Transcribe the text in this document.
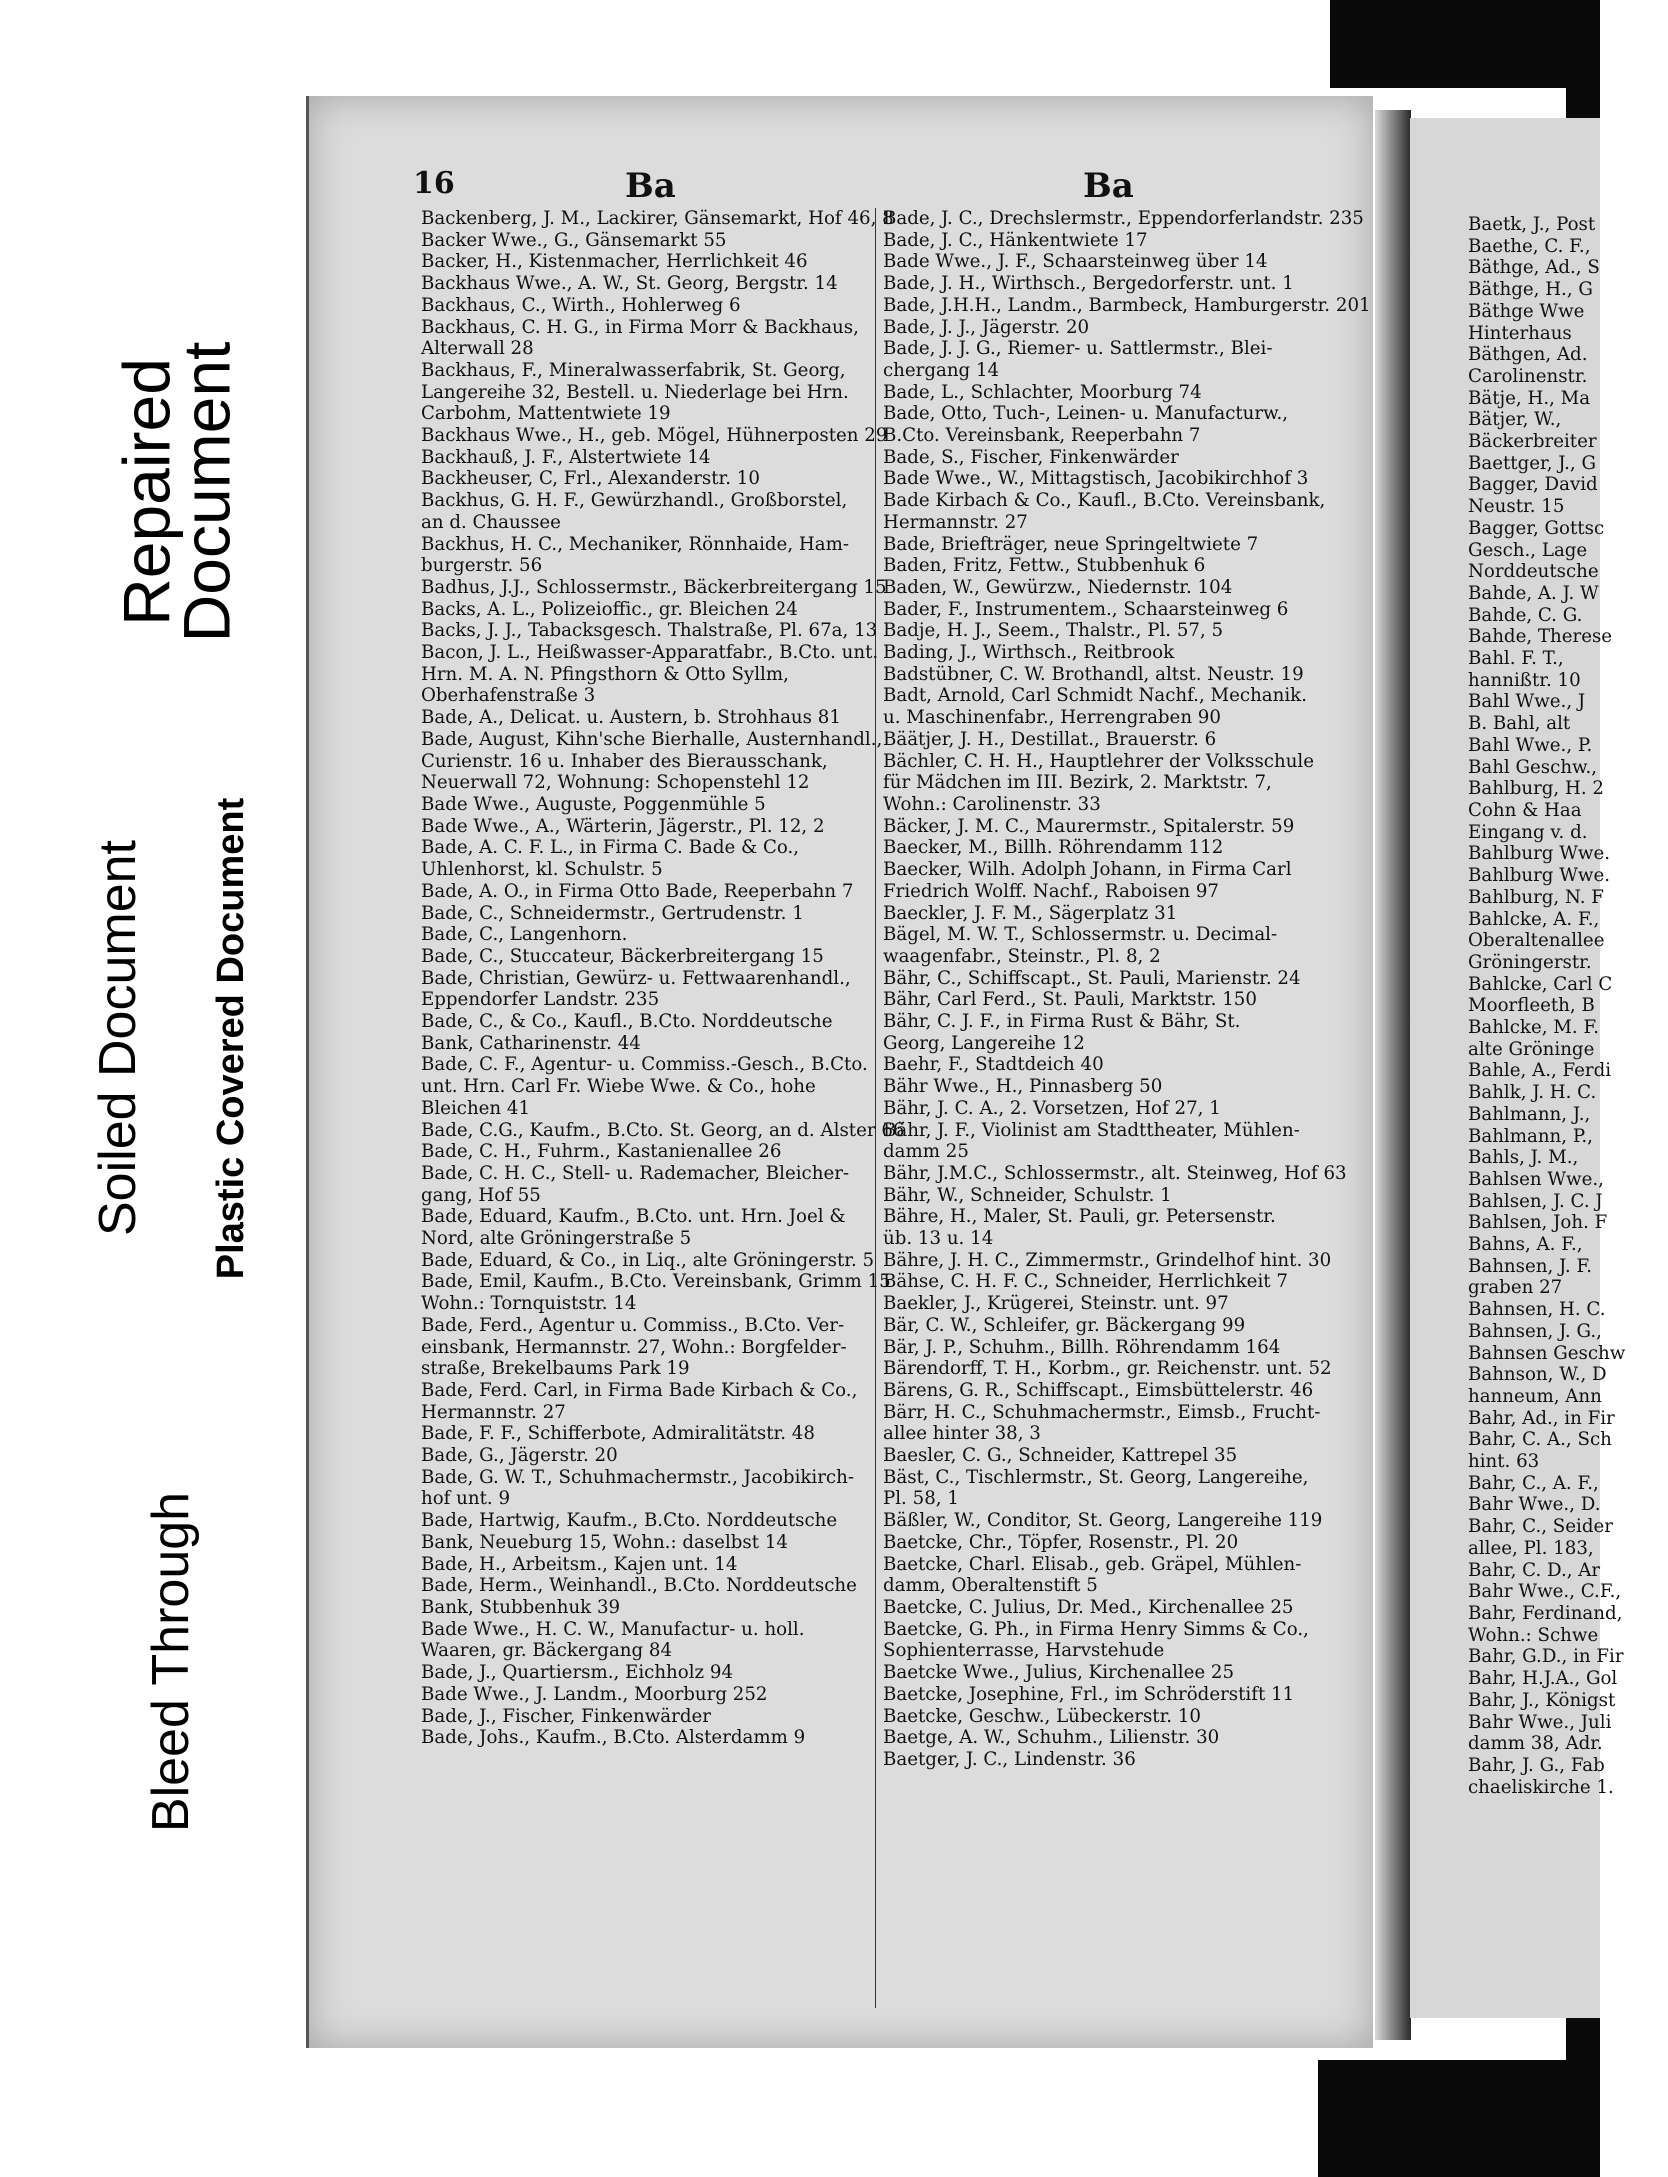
Repaired
Document
Soiled Document Plastic Covered Document
Bleed Through
16	Ba	Ba
Backenberg, J. M., Lackirer, Gänsemarkt, Hof 46, 8
Backer Wwe., G., Gänsemarkt 55
Backer, H., Kistenmacher, Herrlichkeit 46
Backhaus Wwe., A. W., St. Georg, Bergstr. 14
Backhaus, C., Wirth., Hohlerweg 6
Backhaus, C. H. G., in Firma Morr & Backhaus,
Alterwall 28
Backhaus, F., Mineralwasserfabrik, St. Georg,
Langereihe 32, Bestell. u. Niederlage bei Hrn.
Carbohm, Mattentwiete 19
Backhaus Wwe., H., geb. Mögel, Hühnerposten 29
Backhauß, J. F., Alstertwiete 14
Backheuser, C, Frl., Alexanderstr. 10
Backhus, G. H. F., Gewürzhandl., Großborstel,
an d. Chaussee
Backhus, H. C., Mechaniker, Rönnhaide, Ham-
burgerstr. 56
Badhus, J.J., Schlossermstr., Bäckerbreitergang 15
Backs, A. L., Polizeioffic., gr. Bleichen 24
Backs, J. J., Tabacksgesch. Thalstraße, Pl. 67a, 13
Bacon, J. L., Heißwasser-Apparatfabr., B.Cto. unt.
Hrn. M. A. N. Pfingsthorn & Otto Syllm,
Oberhafenstraße 3
Bade, A., Delicat. u. Austern, b. Strohhaus 81
Bade, August, Kihn'sche Bierhalle, Austernhandl.,
Curienstr. 16 u. Inhaber des Bierausschank,
Neuerwall 72, Wohnung: Schopenstehl 12
Bade Wwe., Auguste, Poggenmühle 5
Bade Wwe., A., Wärterin, Jägerstr., Pl. 12, 2
Bade, A. C. F. L., in Firma C. Bade & Co.,
Uhlenhorst, kl. Schulstr. 5
Bade, A. O., in Firma Otto Bade, Reeperbahn 7
Bade, C., Schneidermstr., Gertrudenstr. 1
Bade, C., Langenhorn.
Bade, C., Stuccateur, Bäckerbreitergang 15
Bade, Christian, Gewürz- u. Fettwaarenhandl.,
Eppendorfer Landstr. 235
Bade, C., & Co., Kaufl., B.Cto. Norddeutsche
Bank, Catharinenstr. 44
Bade, C. F., Agentur- u. Commiss.-Gesch., B.Cto.
unt. Hrn. Carl Fr. Wiebe Wwe. & Co., hohe
Bleichen 41
Bade, C.G., Kaufm., B.Cto. St. Georg, an d. Alster 66
Bade, C. H., Fuhrm., Kastanienallee 26
Bade, C. H. C., Stell- u. Rademacher, Bleicher-
gang, Hof 55
Bade, Eduard, Kaufm., B.Cto. unt. Hrn. Joel &
Nord, alte Gröningerstraße 5
Bade, Eduard, & Co., in Liq., alte Gröningerstr. 5
Bade, Emil, Kaufm., B.Cto. Vereinsbank, Grimm 15
Wohn.: Tornquiststr. 14
Bade, Ferd., Agentur u. Commiss., B.Cto. Ver-
einsbank, Hermannstr. 27, Wohn.: Borgfelder-
straße, Brekelbaums Park 19
Bade, Ferd. Carl, in Firma Bade Kirbach & Co.,
Hermannstr. 27
Bade, F. F., Schifferbote, Admiralitätstr. 48
Bade, G., Jägerstr. 20
Bade, G. W. T., Schuhmachermstr., Jacobikirch-
hof unt. 9
Bade, Hartwig, Kaufm., B.Cto. Norddeutsche
Bank, Neueburg 15, Wohn.: daselbst 14
Bade, H., Arbeitsm., Kajen unt. 14
Bade, Herm., Weinhandl., B.Cto. Norddeutsche
Bank, Stubbenhuk 39
Bade Wwe., H. C. W., Manufactur- u. holl.
Waaren, gr. Bäckergang 84
Bade, J., Quartiersm., Eichholz 94
Bade Wwe., J. Landm., Moorburg 252
Bade, J., Fischer, Finkenwärder
Bade, Johs., Kaufm., B.Cto. Alsterdamm 9
Bade, J. C., Drechslermstr., Eppendorferlandstr. 235
Bade, J. C., Hänkentwiete 17
Bade Wwe., J. F., Schaarsteinweg über 14
Bade, J. H., Wirthsch., Bergedorferstr. unt. 1
Bade, J.H.H., Landm., Barmbeck, Hamburgerstr. 201
Bade, J. J., Jägerstr. 20
Bade, J. J. G., Riemer- u. Sattlermstr., Blei-
chergang 14
Bade, L., Schlachter, Moorburg 74
Bade, Otto, Tuch-, Leinen- u. Manufacturw.,
B.Cto. Vereinsbank, Reeperbahn 7
Bade, S., Fischer, Finkenwärder
Bade Wwe., W., Mittagstisch, Jacobikirchhof 3
Bade Kirbach & Co., Kaufl., B.Cto. Vereinsbank,
Hermannstr. 27
Bade, Briefträger, neue Springeltwiete 7
Baden, Fritz, Fettw., Stubbenhuk 6
Baden, W., Gewürzw., Niedernstr. 104
Bader, F., Instrumentem., Schaarsteinweg 6
Badje, H. J., Seem., Thalstr., Pl. 57, 5
Bading, J., Wirthsch., Reitbrook
Badstübner, C. W. Brothandl, altst. Neustr. 19
Badt, Arnold, Carl Schmidt Nachf., Mechanik.
u. Maschinenfabr., Herrengraben 90
Bäätjer, J. H., Destillat., Brauerstr. 6
Bächler, C. H. H., Hauptlehrer der Volksschule
für Mädchen im III. Bezirk, 2. Marktstr. 7,
Wohn.: Carolinenstr. 33
Bäcker, J. M. C., Maurermstr., Spitalerstr. 59
Baecker, M., Billh. Röhrendamm 112
Baecker, Wilh. Adolph Johann, in Firma Carl
Friedrich Wolff. Nachf., Raboisen 97
Baeckler, J. F. M., Sägerplatz 31
Bägel, M. W. T., Schlossermstr. u. Decimal-
waagenfabr., Steinstr., Pl. 8, 2
Bähr, C., Schiffscapt., St. Pauli, Marienstr. 24
Bähr, Carl Ferd., St. Pauli, Marktstr. 150
Bähr, C. J. F., in Firma Rust & Bähr, St.
Georg, Langereihe 12
Baehr, F., Stadtdeich 40
Bähr Wwe., H., Pinnasberg 50
Bähr, J. C. A., 2. Vorsetzen, Hof 27, 1
Bähr, J. F., Violinist am Stadttheater, Mühlen-
damm 25
Bähr, J.M.C., Schlossermstr., alt. Steinweg, Hof 63
Bähr, W., Schneider, Schulstr. 1
Bähre, H., Maler, St. Pauli, gr. Petersenstr.
üb. 13 u. 14
Bähre, J. H. C., Zimmermstr., Grindelhof hint. 30
Bähse, C. H. F. C., Schneider, Herrlichkeit 7
Baekler, J., Krügerei, Steinstr. unt. 97
Bär, C. W., Schleifer, gr. Bäckergang 99
Bär, J. P., Schuhm., Billh. Röhrendamm 164
Bärendorff, T. H., Korbm., gr. Reichenstr. unt. 52
Bärens, G. R., Schiffscapt., Eimsbüttelerstr. 46
Bärr, H. C., Schuhmachermstr., Eimsb., Frucht-
allee hinter 38, 3
Baesler, C. G., Schneider, Kattrepel 35
Bäst, C., Tischlermstr., St. Georg, Langereihe,
Pl. 58, 1
Bäßler, W., Conditor, St. Georg, Langereihe 119
Baetcke, Chr., Töpfer, Rosenstr., Pl. 20
Baetcke, Charl. Elisab., geb. Gräpel, Mühlen-
damm, Oberaltenstift 5
Baetcke, C. Julius, Dr. Med., Kirchenallee 25
Baetcke, G. Ph., in Firma Henry Simms & Co.,
Sophienterrasse, Harvstehude
Baetcke Wwe., Julius, Kirchenallee 25
Baetcke, Josephine, Frl., im Schröderstift 11
Baetcke, Geschw., Lübeckerstr. 10
Baetge, A. W., Schuhm., Lilienstr. 30
Baetger, J. C., Lindenstr. 36
Baetk, J., Post
Baethe, C. F.,
Bäthge, Ad., S
Bäthge, H., G
Bäthge Wwe
Hinterhaus
Bäthgen, Ad.
Carolinenstr.
Bätje, H., Ma
Bätjer, W.,
Bäckerbreiter
Baettger, J., G
Bagger, David
Neustr. 15
Bagger, Gottsc
Gesch., Lage
Norddeutsche
Bahde, A. J. W
Bahde, C. G.
Bahde, Therese
Bahl. F. T.,
hannißtr. 10
Bahl Wwe., J
B. Bahl, alt
Bahl Wwe., P.
Bahl Geschw.,
Bahlburg, H. 2
Cohn & Haa
Eingang v. d.
Bahlburg Wwe.
Bahlburg Wwe.
Bahlburg, N. F
Bahlcke, A. F.,
Oberaltenallee
Gröningerstr.
Bahlcke, Carl C
Moorfleeth, B
Bahlcke, M. F.
alte Gröninge
Bahle, A., Ferdi
Bahlk, J. H. C.
Bahlmann, J.,
Bahlmann, P.,
Bahls, J. M.,
Bahlsen Wwe.,
Bahlsen, J. C. J
Bahlsen, Joh. F
Bahns, A. F.,
Bahnsen, J. F.
graben 27
Bahnsen, H. C.
Bahnsen, J. G.,
Bahnsen Geschw
Bahnson, W., D
hanneum, Ann
Bahr, Ad., in Fir
Bahr, C. A., Sch
hint. 63
Bahr, C., A. F.,
Bahr Wwe., D.
Bahr, C., Seider
allee, Pl. 183,
Bahr, C. D., Ar
Bahr Wwe., C.F.,
Bahr, Ferdinand,
Wohn.: Schwe
Bahr, G.D., in Fir
Bahr, H.J.A., Gol
Bahr, J., Königst
Bahr Wwe., Juli
damm 38, Adr.
Bahr, J. G., Fab
chaeliskirche 1.
